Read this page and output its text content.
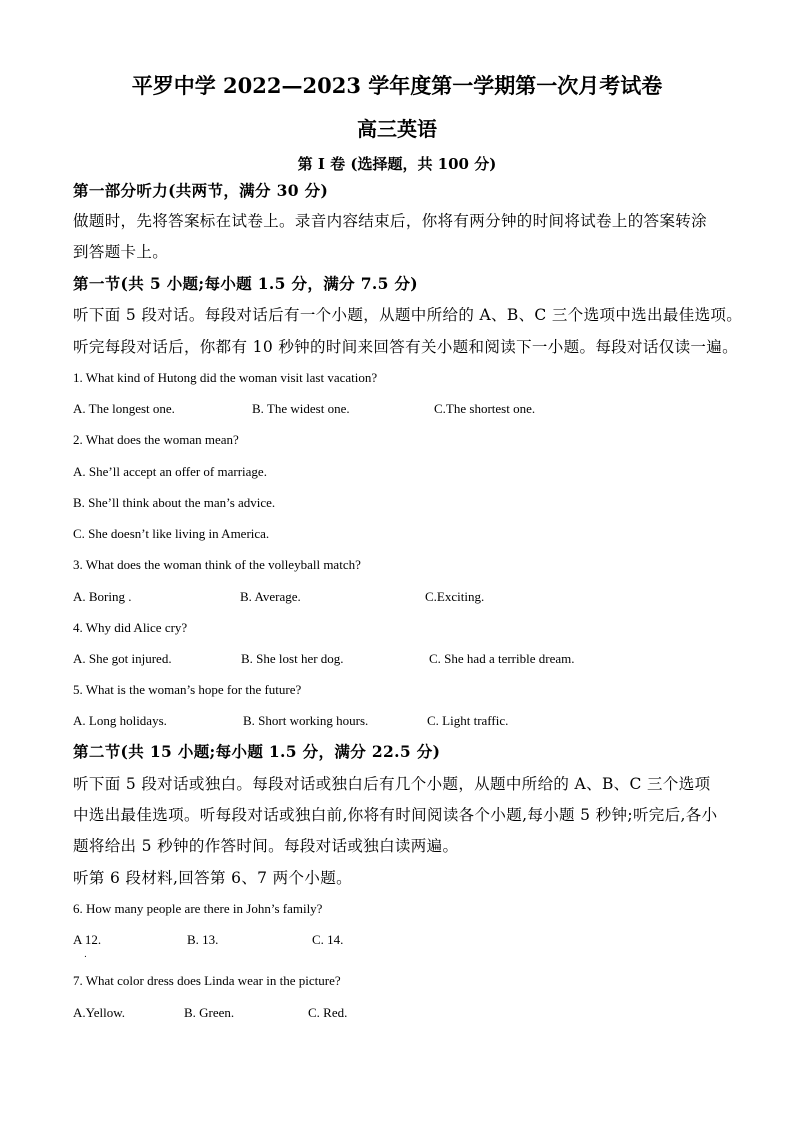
平罗中学 2022—2023 学年度第一学期第一次月考试卷
高三英语
第 I 卷 (选择题，共 100 分)
第一部分听力(共两节，满分 30 分)
做题时，先将答案标在试卷上。录音内容结束后，你将有两分钟的时间将试卷上的答案转涂
到答题卡上。
第一节(共 5 小题;每小题 1.5 分，满分 7.5 分)
听下面 5 段对话。每段对话后有一个小题，从题中所给的 A、B、C 三个选项中选出最佳选项。
听完每段对话后，你都有 10 秒钟的时间来回答有关小题和阅读下一小题。每段对话仅读一遍。
1. What kind of Hutong did the woman visit last vacation?
A. The longest one.	B. The widest one.	C.The shortest one.
2. What does the woman mean?
A. She’ll accept an offer of marriage.
B. She’ll think about the man’s advice.
C. She doesn’t like living in America.
3. What does the woman think of the volleyball match?
A. Boring .	B. Average.	C.Exciting.
4. Why did Alice cry?
A. She got injured.	B. She lost her dog.	C. She had a terrible dream.
5. What is the woman’s hope for the future?
A. Long holidays.	B. Short working hours.	C. Light traffic.
第二节(共 15 小题;每小题 1.5 分，满分 22.5 分)
听下面 5 段对话或独白。每段对话或独白后有几个小题，从题中所给的 A、B、C 三个选项
中选出最佳选项。听每段对话或独白前,你将有时间阅读各个小题,每小题 5 秒钟;听完后,各小
题将给出 5 秒钟的作答时间。每段对话或独白读两遍。
听第 6 段材料,回答第 6、7 两个小题。
6. How many people are there in John’s family?
A 12.	B. 13.	C. 14.
.
7. What color dress does Linda wear in the picture?
A.Yellow.	B. Green.	C. Red.
